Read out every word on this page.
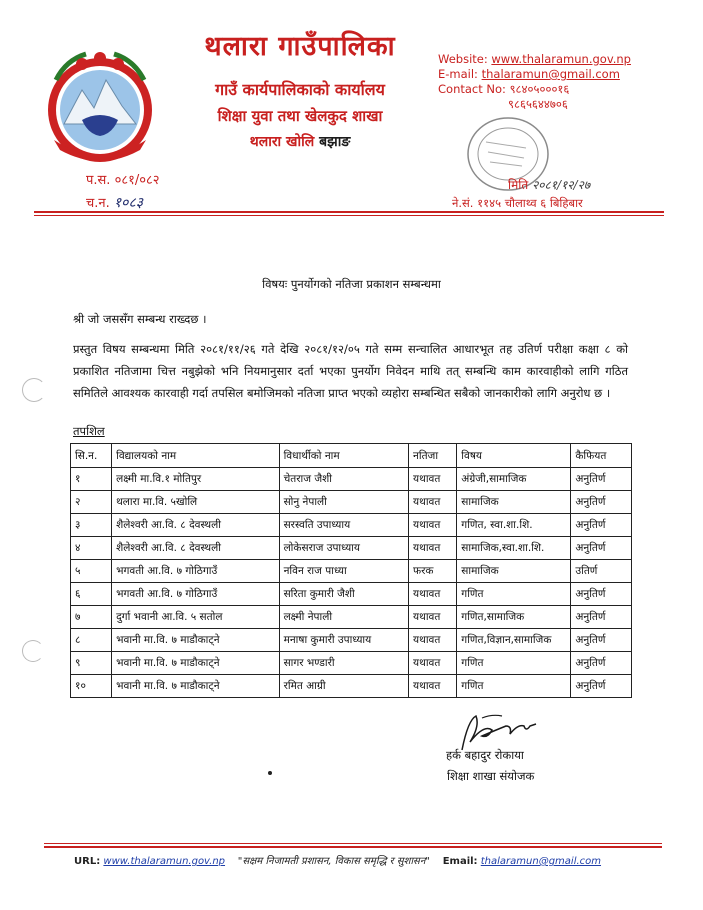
थलारा गाउँपालिका
गाउँ कार्यपालिकाको कार्यालय
शिक्षा युवा तथा खेलकुद शाखा
थलारा खोलि बझाङ
Website: www.thalaramun.gov.np
E-mail: thalaramun@gmail.com
Contact No: ९८४०५०००१६
९८६५६४४७०६
प.स. ०८१/०८२
च.न. १०८३
मिति २०८१/१२/२७
ने.सं. ११४५ चौलाथ्व ६ बिहिबार
विषयः पुनर्योगको नतिजा प्रकाशन सम्बन्धमा
श्री जो जससँग सम्बन्ध राख्दछ ।
प्रस्तुत विषय सम्बन्धमा मिति २०८१/११/२६ गते देखि २०८१/१२/०५ गते सम्म सन्चालित आधारभूत तह उतिर्ण परीक्षा कक्षा ८ को प्रकाशित नतिजामा चित्त नबुझेको भनि नियमानुसार दर्ता भएका पुनर्योग निवेदन माथि तत् सम्बन्धि काम कारवाहीको लागि गठित समितिले आवश्यक कारवाही गर्दा तपसिल बमोजिमको नतिजा प्राप्त भएको व्यहोरा सम्बन्धित सबैको जानकारीको लागि अनुरोध छ ।
तपशिल
सि.न.	विद्यालयको नाम	विधार्थीको नाम	नतिजा	विषय	कैफियत
१	लक्ष्मी मा.वि.१ मोतिपुर	चेतराज जैशी	यथावत	अंग्रेजी,सामाजिक	अनुतिर्ण
२	थलारा मा.वि. ५खोलि	सोनु नेपाली	यथावत	सामाजिक	अनुतिर्ण
३	शैलेश्वरी आ.वि. ८ देवस्थली	सरस्वति उपाध्याय	यथावत	गणित, स्वा.शा.शि.	अनुतिर्ण
४	शैलेश्वरी आ.वि. ८ देवस्थली	लोकेसराज उपाध्याय	यथावत	सामाजिक,स्वा.शा.शि.	अनुतिर्ण
५	भगवती आ.वि. ७ गोठिगाउँ	नविन राज पाध्या	फरक	सामाजिक	उतिर्ण
६	भगवती आ.वि. ७ गोठिगाउँ	सरिता कुमारी जैशी	यथावत	गणित	अनुतिर्ण
७	दुर्गा भवानी आ.वि. ५ सतोल	लक्ष्मी नेपाली	यथावत	गणित,सामाजिक	अनुतिर्ण
८	भवानी मा.वि. ७ माडौकाट्ने	मनाषा कुमारी उपाध्याय	यथावत	गणित,विज्ञान,सामाजिक	अनुतिर्ण
९	भवानी मा.वि. ७ माडौकाट्ने	सागर भण्डारी	यथावत	गणित	अनुतिर्ण
१०	भवानी मा.वि. ७ माडौकाट्ने	रमित आग्री	यथावत	गणित	अनुतिर्ण
हर्क बहादुर रोकाया
शिक्षा शाखा संयोजक
URL: www.thalaramun.gov.np "सक्षम निजामती प्रशासन, विकास समृद्धि र सुशासन" Email: thalaramun@gmail.com
